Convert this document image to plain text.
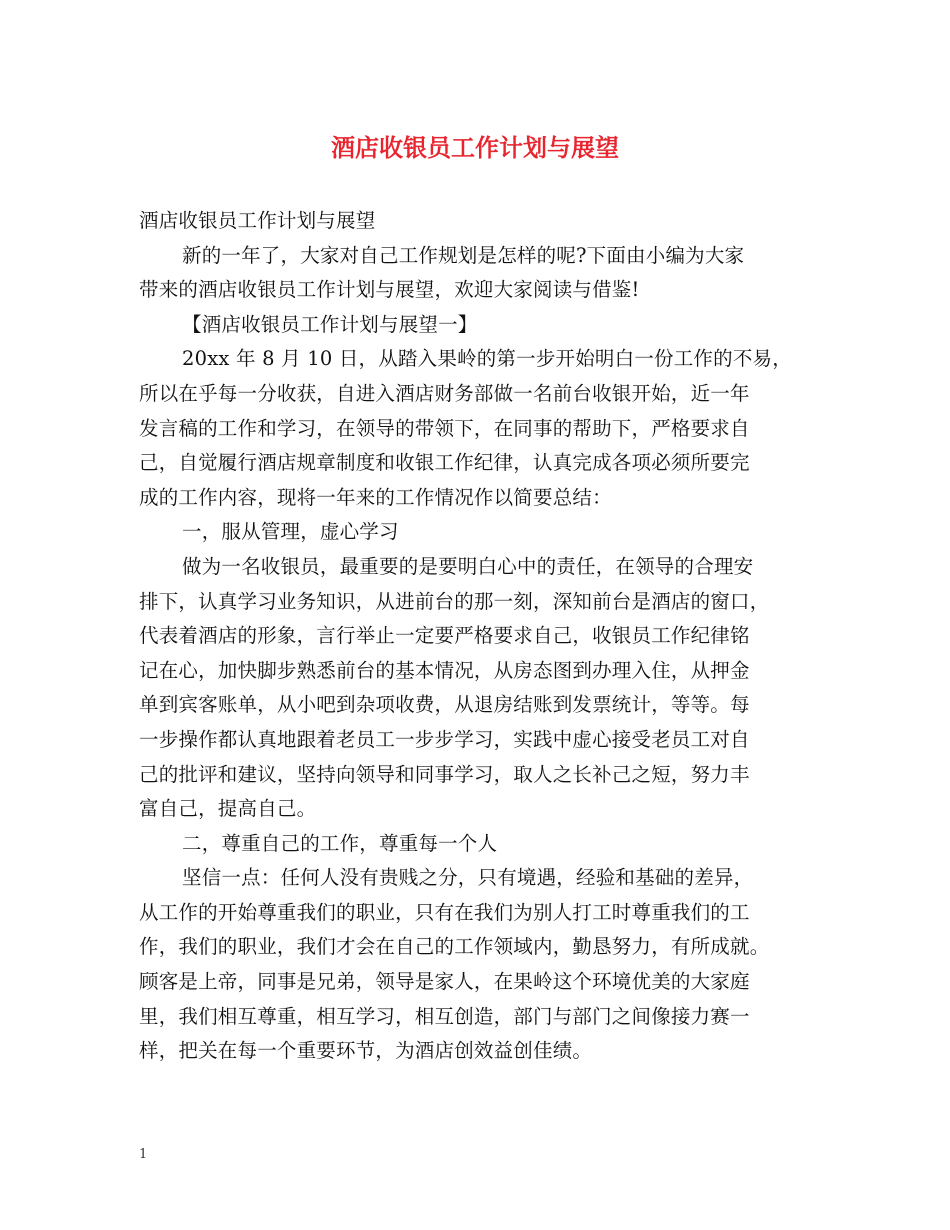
酒店收银员工作计划与展望

酒店收银员工作计划与展望

新的一年了，大家对自己工作规划是怎样的呢?下面由小编为大家

带来的酒店收银员工作计划与展望，欢迎大家阅读与借鉴!

【酒店收银员工作计划与展望一】

20xx 年 8 月 10 日，从踏入果岭的第一步开始明白一份工作的不易，

所以在乎每一分收获，自进入酒店财务部做一名前台收银开始，近一年

发言稿的工作和学习，在领导的带领下，在同事的帮助下，严格要求自

己，自觉履行酒店规章制度和收银工作纪律，认真完成各项必须所要完

成的工作内容，现将一年来的工作情况作以简要总结：

一，服从管理，虚心学习

做为一名收银员，最重要的是要明白心中的责任，在领导的合理安

排下，认真学习业务知识，从进前台的那一刻，深知前台是酒店的窗口，

代表着酒店的形象，言行举止一定要严格要求自己，收银员工作纪律铭

记在心，加快脚步熟悉前台的基本情况，从房态图到办理入住，从押金

单到宾客账单，从小吧到杂项收费，从退房结账到发票统计，等等。每

一步操作都认真地跟着老员工一步步学习，实践中虚心接受老员工对自

己的批评和建议，坚持向领导和同事学习，取人之长补己之短，努力丰

富自己，提高自己。

二，尊重自己的工作，尊重每一个人

坚信一点：任何人没有贵贱之分，只有境遇，经验和基础的差异，

从工作的开始尊重我们的职业，只有在我们为别人打工时尊重我们的工

作，我们的职业，我们才会在自己的工作领域内，勤恳努力，有所成就。

顾客是上帝，同事是兄弟，领导是家人，在果岭这个环境优美的大家庭

里，我们相互尊重，相互学习，相互创造，部门与部门之间像接力赛一

样，把关在每一个重要环节，为酒店创效益创佳绩。

1
